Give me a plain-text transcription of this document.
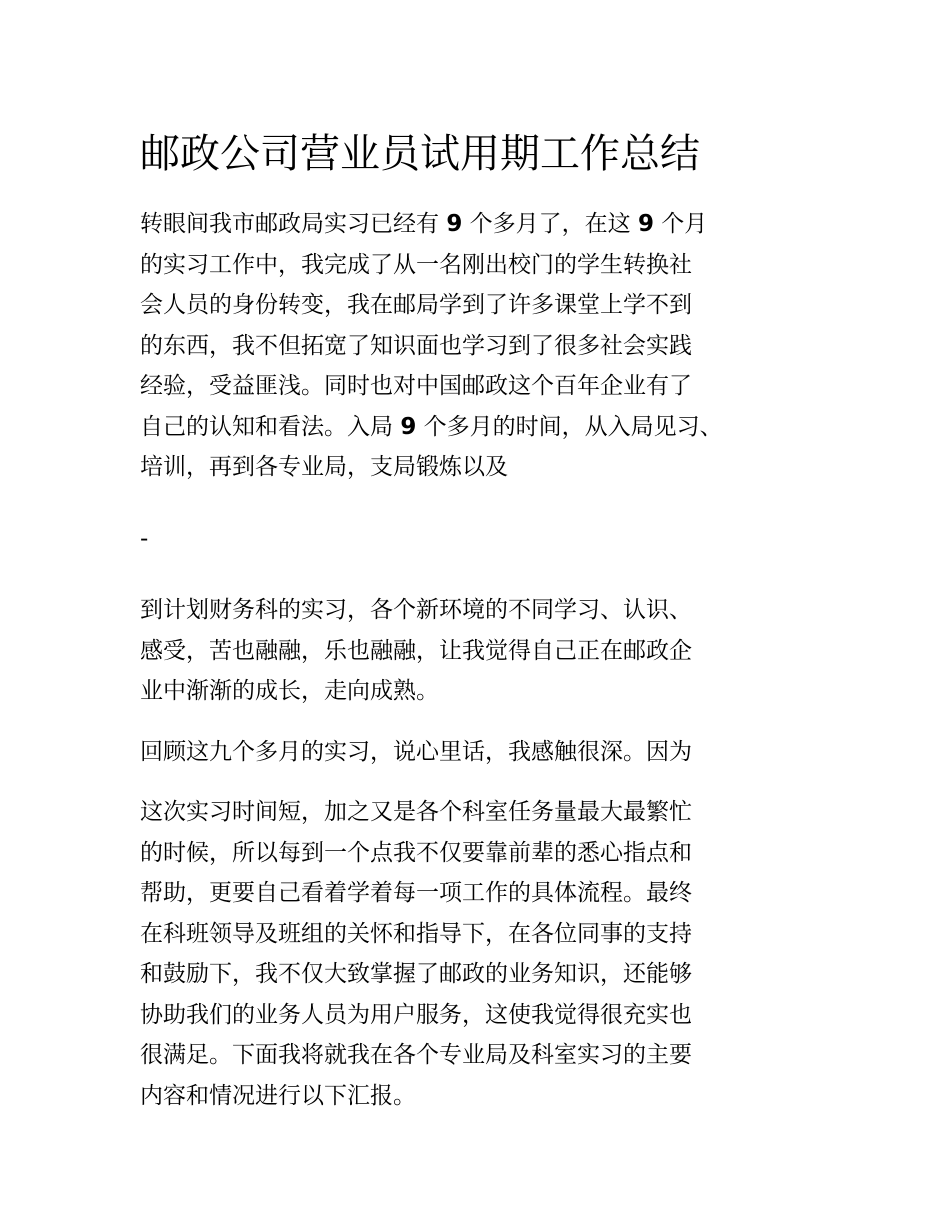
邮政公司营业员试用期工作总结

转眼间我市邮政局实习已经有 9 个多月了，在这 9 个月
的实习工作中，我完成了从一名刚出校门的学生转换社
会人员的身份转变，我在邮局学到了许多课堂上学不到
的东西，我不但拓宽了知识面也学习到了很多社会实践
经验，受益匪浅。同时也对中国邮政这个百年企业有了
自己的认知和看法。入局 9 个多月的时间，从入局见习、
培训，再到各专业局，支局锻炼以及

-

到计划财务科的实习，各个新环境的不同学习、认识、
感受，苦也融融，乐也融融，让我觉得自己正在邮政企
业中渐渐的成长，走向成熟。

回顾这九个多月的实习，说心里话，我感触很深。因为

这次实习时间短，加之又是各个科室任务量最大最繁忙
的时候，所以每到一个点我不仅要靠前辈的悉心指点和
帮助，更要自己看着学着每一项工作的具体流程。最终
在科班领导及班组的关怀和指导下，在各位同事的支持
和鼓励下，我不仅大致掌握了邮政的业务知识，还能够
协助我们的业务人员为用户服务，这使我觉得很充实也
很满足。下面我将就我在各个专业局及科室实习的主要
内容和情况进行以下汇报。
